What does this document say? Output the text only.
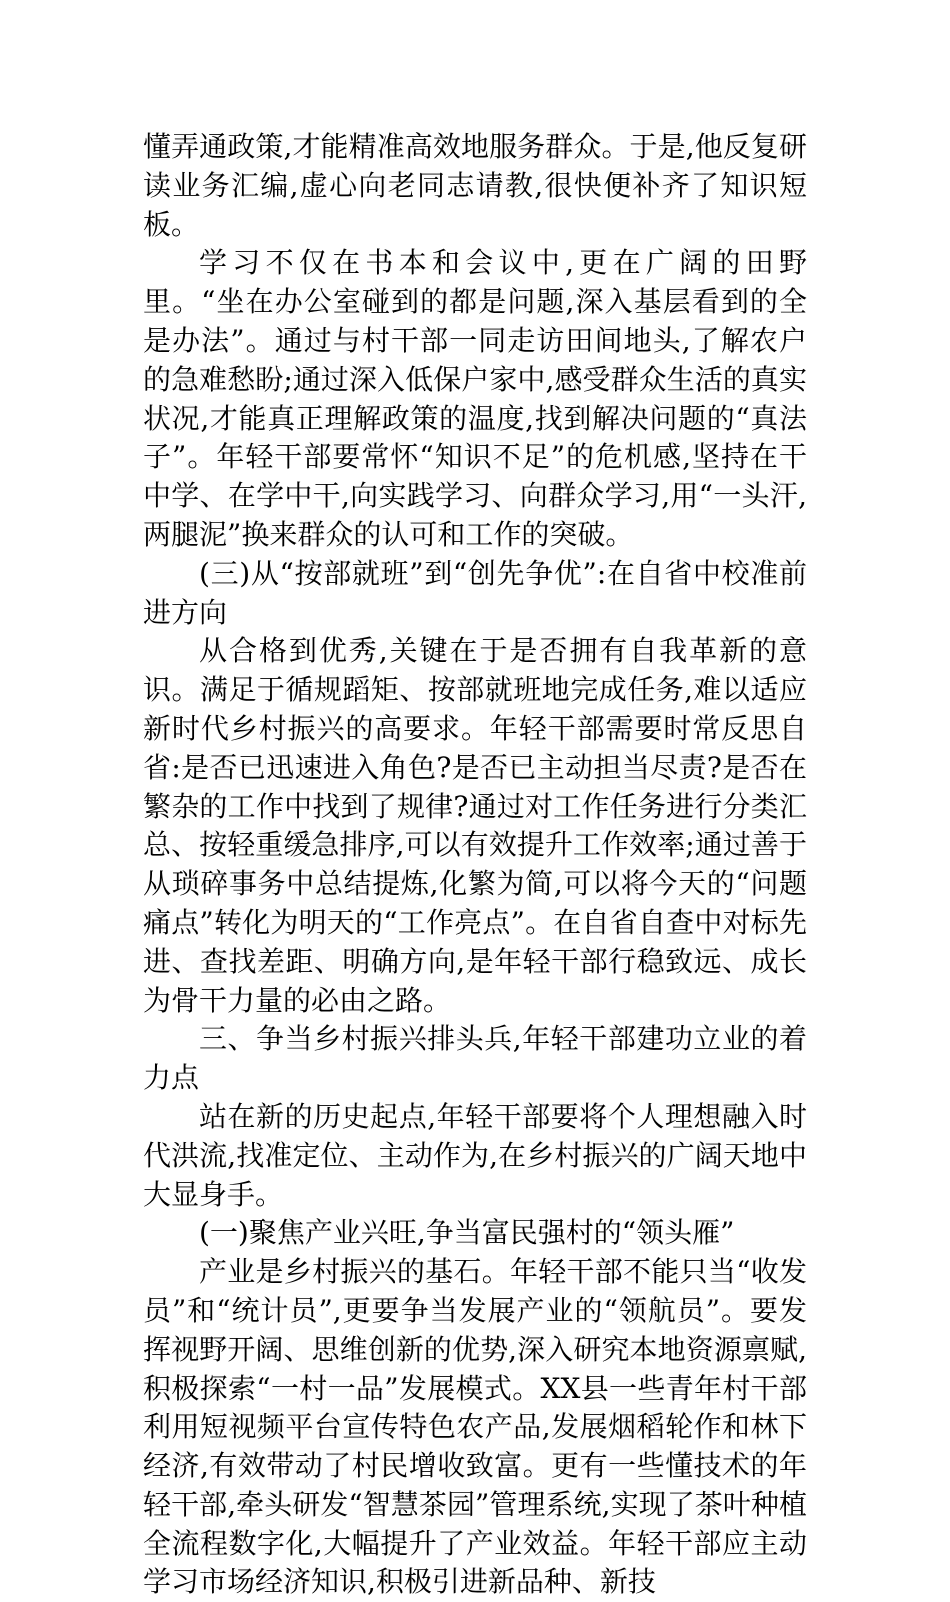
懂弄通政策,才能精准高效地服务群众。于是,他反复研读业务汇编,虚心向老同志请教,很快便补齐了知识短板。

学习不仅在书本和会议中,更在广阔的田野里。“坐在办公室碰到的都是问题,深入基层看到的全是办法”。通过与村干部一同走访田间地头,了解农户的急难愁盼;通过深入低保户家中,感受群众生活的真实状况,才能真正理解政策的温度,找到解决问题的“真法子”。年轻干部要常怀“知识不足”的危机感,坚持在干中学、在学中干,向实践学习、向群众学习,用“一头汗,两腿泥”换来群众的认可和工作的突破。

(三)从“按部就班”到“创先争优”:在自省中校准前进方向

从合格到优秀,关键在于是否拥有自我革新的意识。满足于循规蹈矩、按部就班地完成任务,难以适应新时代乡村振兴的高要求。年轻干部需要时常反思自省:是否已迅速进入角色?是否已主动担当尽责?是否在繁杂的工作中找到了规律?通过对工作任务进行分类汇总、按轻重缓急排序,可以有效提升工作效率;通过善于从琐碎事务中总结提炼,化繁为简,可以将今天的“问题痛点”转化为明天的“工作亮点”。在自省自查中对标先进、查找差距、明确方向,是年轻干部行稳致远、成长为骨干力量的必由之路。

三、争当乡村振兴排头兵,年轻干部建功立业的着力点

站在新的历史起点,年轻干部要将个人理想融入时代洪流,找准定位、主动作为,在乡村振兴的广阔天地中大显身手。

(一)聚焦产业兴旺,争当富民强村的“领头雁”

产业是乡村振兴的基石。年轻干部不能只当“收发员”和“统计员”,更要争当发展产业的“领航员”。要发挥视野开阔、思维创新的优势,深入研究本地资源禀赋,积极探索“一村一品”发展模式。XX县一些青年村干部利用短视频平台宣传特色农产品,发展烟稻轮作和林下经济,有效带动了村民增收致富。更有一些懂技术的年轻干部,牵头研发“智慧茶园”管理系统,实现了茶叶种植全流程数字化,大幅提升了产业效益。年轻干部应主动学习市场经济知识,积极引进新品种、新技
